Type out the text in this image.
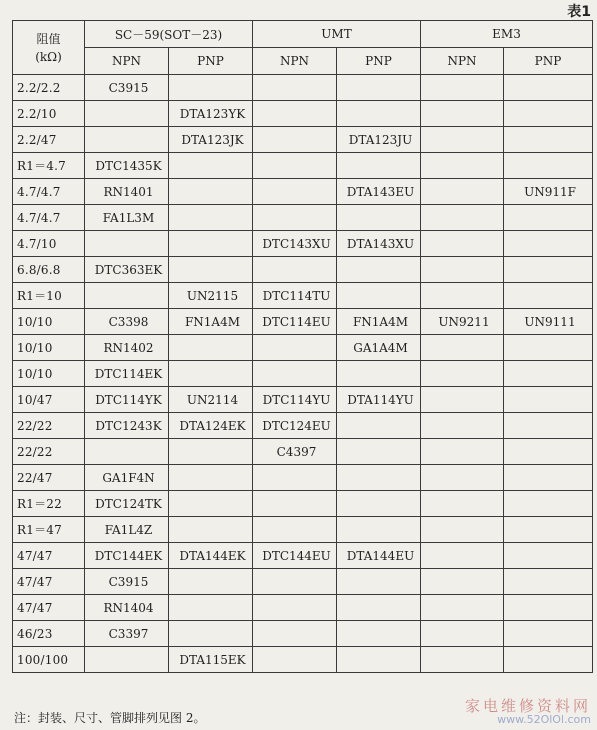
表1
阻值
(kΩ)	SC－59(SOT－23)		UMT		EM3	
	NPN	PNP	NPN	PNP	NPN	PNP
2.2/2.2	C3915					
2.2/10		DTA123YK				
2.2/47		DTA123JK		DTA123JU		
R1＝4.7	DTC1435K					
4.7/4.7	RN1401			DTA143EU		UN911F
4.7/4.7	FA1L3M					
4.7/10			DTC143XU	DTA143XU		
6.8/6.8	DTC363EK					
R1＝10		UN2115	DTC114TU			
10/10	C3398	FN1A4M	DTC114EU	FN1A4M	UN9211	UN9111
10/10	RN1402			GA1A4M		
10/10	DTC114EK					
10/47	DTC114YK	UN2114	DTC114YU	DTA114YU		
22/22	DTC1243K	DTA124EK	DTC124EU			
22/22			C4397			
22/47	GA1F4N					
R1＝22	DTC124TK					
R1＝47	FA1L4Z					
47/47	DTC144EK	DTA144EK	DTC144EU	DTA144EU		
47/47	C3915					
47/47	RN1404					
46/23	C3397					
100/100		DTA115EK				
注：封装、尺寸、管脚排列见图 2。
家电维修资料网
www.52OlOl.com
